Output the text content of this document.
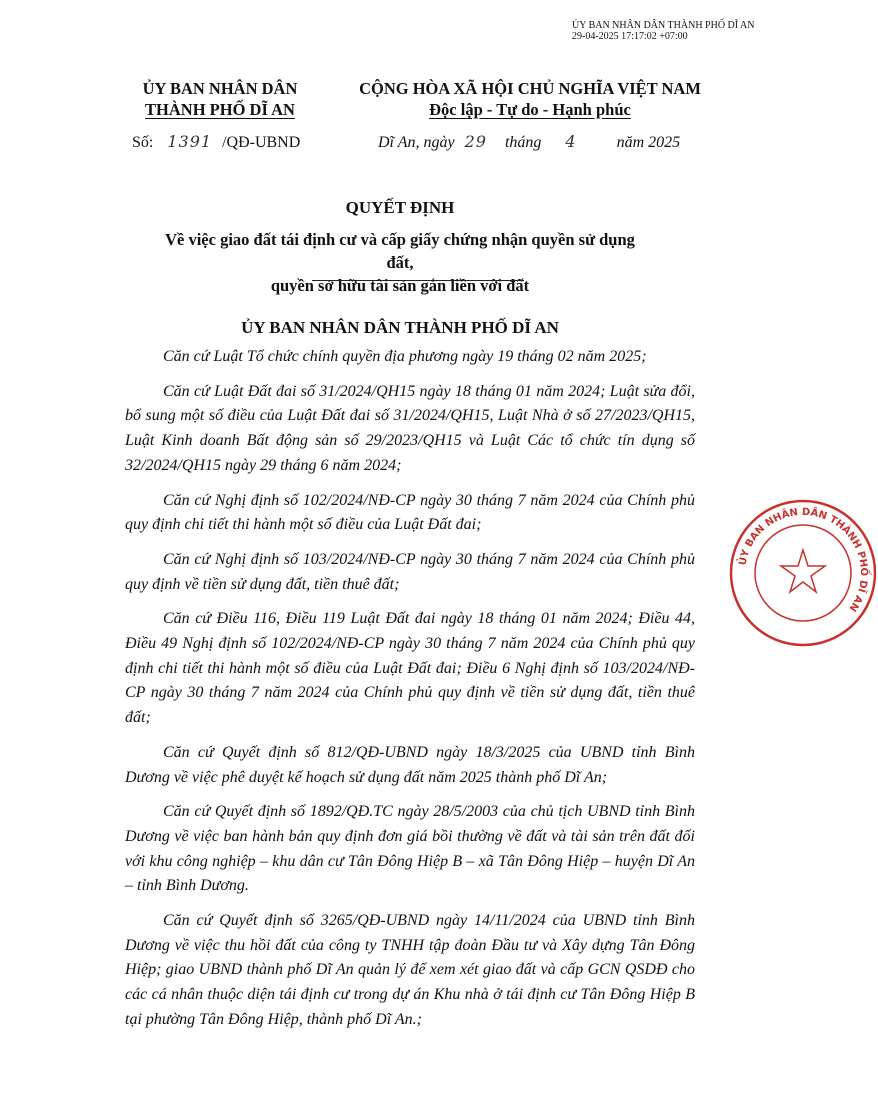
ỦY BAN NHÂN DÂN THÀNH PHỐ DĨ AN
29-04-2025 17:17:02 +07:00
ỦY BAN NHÂN DÂN
THÀNH PHỐ DĨ AN
CỘNG HÒA XÃ HỘI CHỦ NGHĨA VIỆT NAM
Độc lập - Tự do - Hạnh phúc
Số: 1391 /QĐ-UBND	Dĩ An, ngày 29 tháng 4	năm 2025
QUYẾT ĐỊNH
Về việc giao đất tái định cư và cấp giấy chứng nhận quyền sử dụng đất,
quyền sở hữu tài sản gắn liền với đất
ỦY BAN NHÂN DÂN THÀNH PHỐ DĨ AN

Căn cứ Luật Tổ chức chính quyền địa phương ngày 19 tháng 02 năm 2025;

Căn cứ Luật Đất đai số 31/2024/QH15 ngày 18 tháng 01 năm 2024; Luật sửa đổi, bổ sung một số điều của Luật Đất đai số 31/2024/QH15, Luật Nhà ở số 27/2023/QH15, Luật Kinh doanh Bất động sản số 29/2023/QH15 và Luật Các tổ chức tín dụng số 32/2024/QH15 ngày 29 tháng 6 năm 2024;

Căn cứ Nghị định số 102/2024/NĐ-CP ngày 30 tháng 7 năm 2024 của Chính phủ quy định chi tiết thi hành một số điều của Luật Đất đai;

Căn cứ Nghị định số 103/2024/NĐ-CP ngày 30 tháng 7 năm 2024 của Chính phủ quy định về tiền sử dụng đất, tiền thuê đất;

Căn cứ Điều 116, Điều 119 Luật Đất đai ngày 18 tháng 01 năm 2024; Điều 44, Điều 49 Nghị định số 102/2024/NĐ-CP ngày 30 tháng 7 năm 2024 của Chính phủ quy định chi tiết thi hành một số điều của Luật Đất đai; Điều 6 Nghị định số 103/2024/NĐ-CP ngày 30 tháng 7 năm 2024 của Chính phủ quy định về tiền sử dụng đất, tiền thuê đất;

Căn cứ Quyết định số 812/QĐ-UBND ngày 18/3/2025 của UBND tỉnh Bình Dương về việc phê duyệt kế hoạch sử dụng đất năm 2025 thành phố Dĩ An;

Căn cứ Quyết định số 1892/QĐ.TC ngày 28/5/2003 của chủ tịch UBND tỉnh Bình Dương về việc ban hành bản quy định đơn giá bồi thường về đất và tài sản trên đất đối với khu công nghiệp – khu dân cư Tân Đông Hiệp B – xã Tân Đông Hiệp – huyện Dĩ An – tỉnh Bình Dương.

Căn cứ Quyết định số 3265/QĐ-UBND ngày 14/11/2024 của UBND tỉnh Bình Dương về việc thu hồi đất của công ty TNHH tập đoàn Đầu tư và Xây dựng Tân Đông Hiệp; giao UBND thành phố Dĩ An quản lý để xem xét giao đất và cấp GCN QSDĐ cho các cá nhân thuộc diện tái định cư trong dự án Khu nhà ở tái định cư Tân Đông Hiệp B tại phường Tân Đông Hiệp, thành phố Dĩ An.;

ỦY BAN NHÂN DÂN THÀNH PHỐ DĨ AN
